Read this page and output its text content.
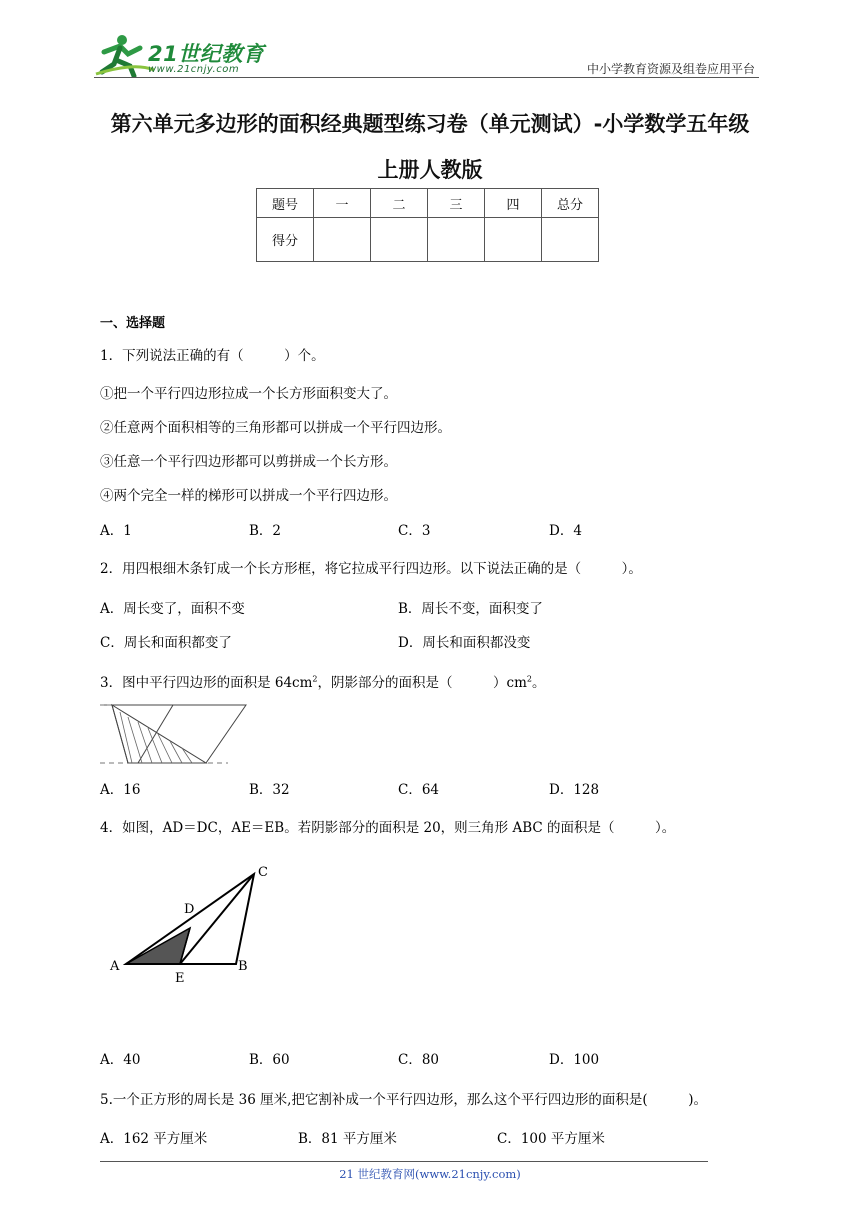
21世纪教育
www.21cnjy.com	中小学教育资源及组卷应用平台
第六单元多边形的面积经典题型练习卷（单元测试）-小学数学五年级
上册人教版
题号	一	二	三	四	总分
得分					
一、选择题
1．下列说法正确的有（　　　）个。
①把一个平行四边形拉成一个长方形面积变大了。
②任意两个面积相等的三角形都可以拼成一个平行四边形。
③任意一个平行四边形都可以剪拼成一个长方形。
④两个完全一样的梯形可以拼成一个平行四边形。
A．1	B．2	C．3	D．4
2．用四根细木条钉成一个长方形框，将它拉成平行四边形。以下说法正确的是（　　　）。
A．周长变了，面积不变	B．周长不变，面积变了
C．周长和面积都变了	D．周长和面积都没变
3．图中平行四边形的面积是 $64cm^2$，阴影部分的面积是（　　　）$cm^2$。
A．16	B．32	C．64	D．128
4．如图，AD＝DC，AE＝EB。若阴影部分的面积是 20，则三角形 ABC 的面积是（　　　）。
A	B
C
D
E
A．40	B．60	C．80	D．100
5.一个正方形的周长是 36 厘米,把它割补成一个平行四边形，那么这个平行四边形的面积是(　　　)。
A．162 平方厘米	B．81 平方厘米	C．100 平方厘米
21 世纪教育网(www.21cnjy.com)
